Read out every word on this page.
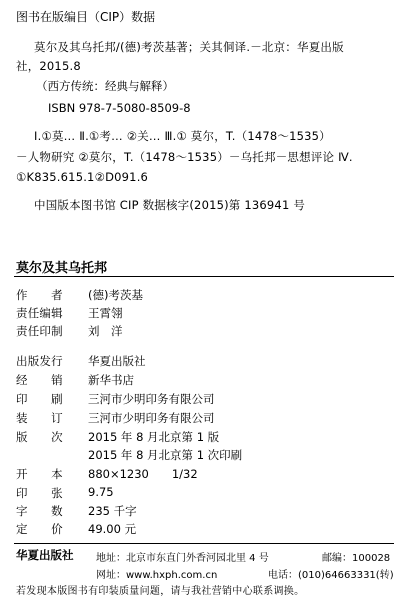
图书在版编目（CIP）数据
莫尔及其乌托邦/(德)考茨基著；关其侗译.－北京：华夏出版
社，2015.8
（西方传统：经典与解释）
ISBN 978-7-5080-8509-8
Ⅰ.①莫… Ⅱ.①考… ②关… Ⅲ.① 莫尔，T.（1478～1535）
－人物研究 ②莫尔，T.（1478～1535）－乌托邦－思想评论 Ⅳ.
①K835.615.1②D091.6
中国版本图书馆 CIP 数据核字(2015)第 136941 号
莫尔及其乌托邦
作　　者 (德)考茨基
责任编辑 王霄翎
责任印制 刘　洋
出版发行 华夏出版社
经　　销 新华书店
印　　刷 三河市少明印务有限公司
装　　订 三河市少明印务有限公司
版　　次 2015 年 8 月北京第 1 版
2015 年 8 月北京第 1 次印刷
开　　本 880×1230　　1/32
印　　张 9.75
字　　数 235 千字
定　　价 49.00 元
华夏出版社 地址：北京市东直门外香河园北里 4 号	邮编：100028
网址：www.hxph.com.cn	电话：(010)64663331(转)
若发现本版图书有印装质量问题，请与我社营销中心联系调换。
